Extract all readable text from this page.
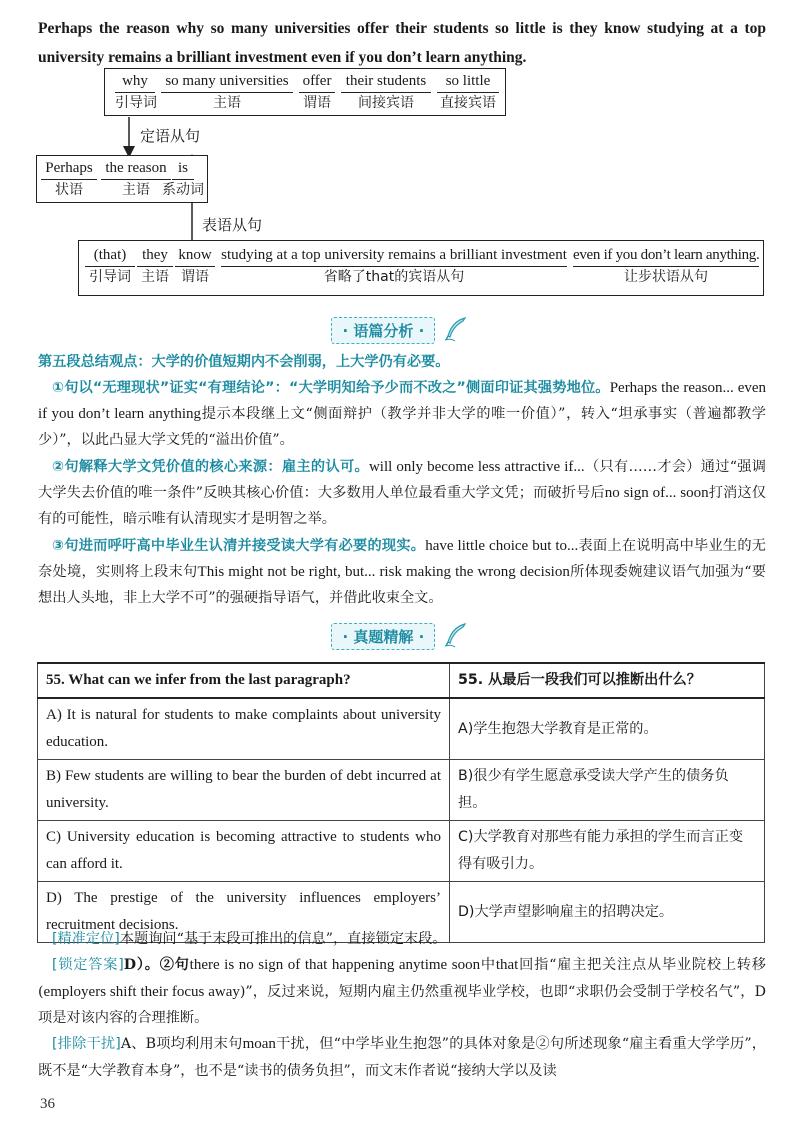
Perhaps the reason why so many universities offer their students so little is they know studying at a top university remains a brilliant investment even if you don’t learn anything.
why
引导词
so many universities
主语
offer
谓语
their students
间接宾语
so little
直接宾语
定语从句
Perhaps
状语
the reason
主语
is
系动词
表语从句
(that)
引导词
they
主语
know
谓语
studying at a top university remains a brilliant investment
省略了that的宾语从句
even if you don’t learn anything.
让步状语从句
· 语篇分析 ·
第五段总结观点：大学的价值短期内不会削弱，上大学仍有必要。
①句以“无理现状”证实“有理结论”：“大学明知给予少而不改之”侧面印证其强势地位。Perhaps the reason... even if you don’t learn anything提示本段继上文“侧面辩护（教学并非大学的唯一价值）”，转入“坦承事实（普遍都教学少）”，以此凸显大学文凭的“溢出价值”。
②句解释大学文凭价值的核心来源：雇主的认可。will only become less attractive if...（只有……才会）通过“强调大学失去价值的唯一条件”反映其核心价值：大多数用人单位最看重大学文凭；而破折号后no sign of... soon打消这仅有的可能性，暗示唯有认清现实才是明智之举。
③句进而呼吁高中毕业生认清并接受读大学有必要的现实。have little choice but to...表面上在说明高中毕业生的无奈处境，实则将上段末句This might not be right, but... risk making the wrong decision所体现委婉建议语气加强为“要想出人头地，非上大学不可”的强硬指导语气，并借此收束全文。
· 真题精解 ·
55. What can we infer from the last paragraph?	55. 从最后一段我们可以推断出什么？
A) It is natural for students to make complaints about university education.	A)学生抱怨大学教育是正常的。
B) Few students are willing to bear the burden of debt incurred at university.	B)很少有学生愿意承受读大学产生的债务负担。
C) University education is becoming attractive to students who can afford it.	C)大学教育对那些有能力承担的学生而言正变得有吸引力。
D) The prestige of the university influences employers’ recruitment decisions.	D)大学声望影响雇主的招聘决定。
[精准定位]本题询问“基于末段可推出的信息”，直接锁定末段。
[锁定答案]D）。②句there is no sign of that happening anytime soon中that回指“雇主把关注点从毕业院校上转移(employers shift their focus away)”，反过来说，短期内雇主仍然重视毕业学校，也即“求职仍会受制于学校名气”，D项是对该内容的合理推断。
[排除干扰]A、B项均利用末句moan干扰，但“中学毕业生抱怨”的具体对象是②句所述现象“雇主看重大学学历”，既不是“大学教育本身”，也不是“读书的债务负担”，而文末作者说“接纳大学以及读
36
